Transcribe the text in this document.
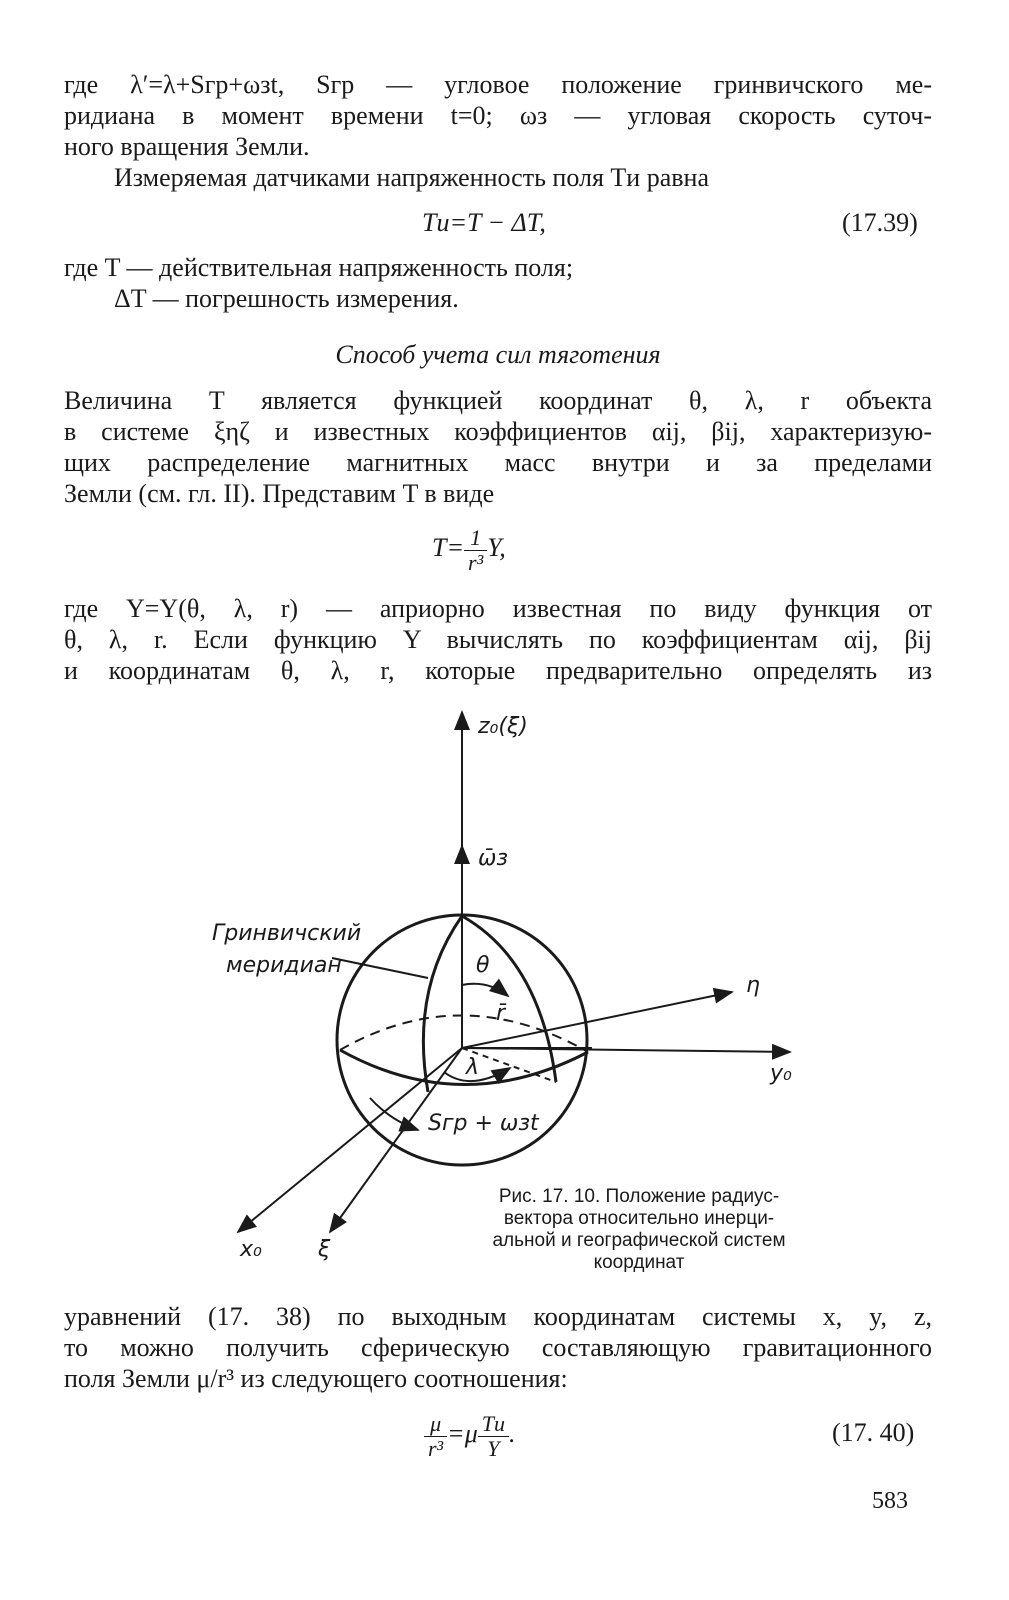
где λ′=λ+Sгр+ωзt, Sгр — угловое положение гринвичского ме-
ридиана в момент времени t=0; ωз — угловая скорость суточ-
ного вращения Земли.
Измеряемая датчиками напряженность поля Tи равна
Tи=T − ΔT,	(17.39)
где T — действительная напряженность поля;
ΔT — погрешность измерения.
Способ учета сил тяготения
Величина T является функцией координат θ, λ, r объекта
в системе ξηζ и известных коэффициентов αij, βij, характеризую-
щих распределение магнитных масс внутри и за пределами
Земли (см. гл. II). Представим T в виде
$T= \frac{1}{\text{r³}} Y$,
где Y=Y(θ, λ, r) — априорно известная по виду функция от
θ, λ, r. Если функцию Y вычислять по коэффициентам αij, βij
и координатам θ, λ, r, которые предварительно определять из
z₀(ξ)
ω̄з
Гринвичский
меридиан	θ
r̄
η
y₀
λ
Sгр + ωзt
x₀	ξ
Рис. 17. 10. Положение радиус-
вектора относительно инерци-
альной и географической систем
координат
уравнений (17. 38) по выходным координатам системы x, y, z,
то можно получить сферическую составляющую гравитационного
поля Земли μ/r³ из следующего соотношения:
$\frac{\mu}{\text{r³}} =\mu \frac{Tи}{Y}$ .	(17. 40)
583
